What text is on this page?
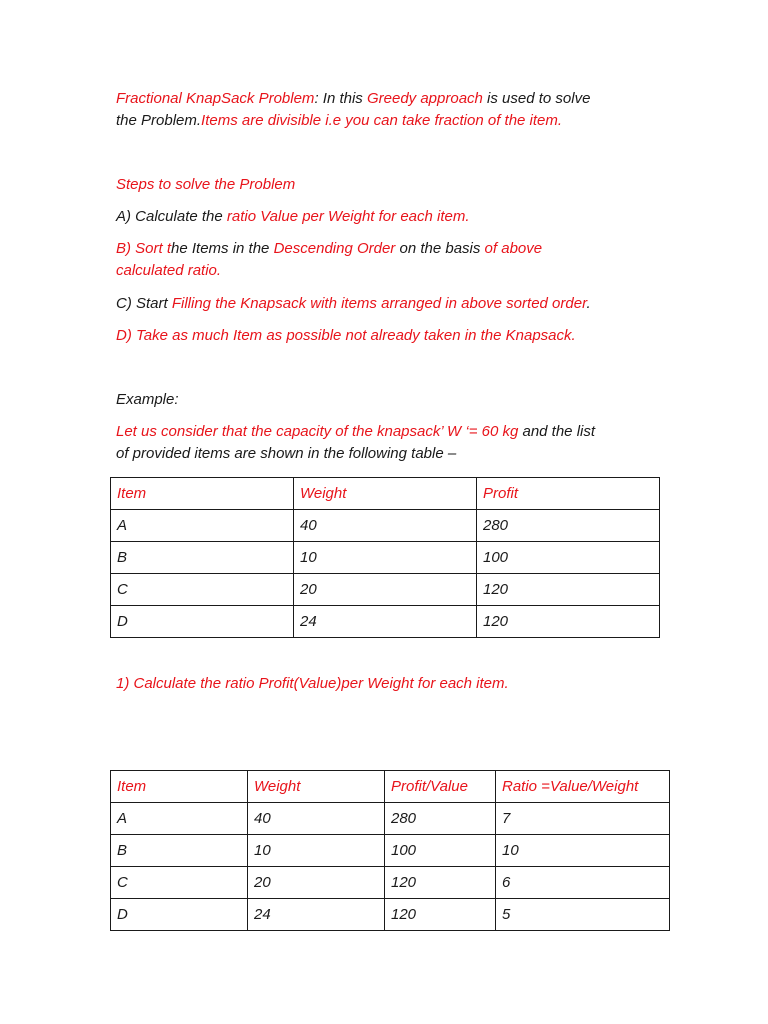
Fractional KnapSack Problem: In this Greedy approach is used to solve
the Problem.Items are divisible i.e you can take fraction of the item.
Steps to solve the Problem
A) Calculate the ratio Value per Weight for each item.
B) Sort the Items in the Descending Order on the basis of above
calculated ratio.
C) Start Filling the Knapsack with items arranged in above sorted order.
D) Take as much Item as possible not already taken in the Knapsack.
Example:
Let us consider that the capacity of the knapsack’ W ‘= 60 kg and the list
of provided items are shown in the following table –
Item	Weight	Profit
A	40	280
B	10	100
C	20	120
D	24	120
1) Calculate the ratio Profit(Value)per Weight for each item.
Item	Weight	Profit/Value	Ratio =Value/Weight
A	40	280	7
B	10	100	10
C	20	120	6
D	24	120	5
